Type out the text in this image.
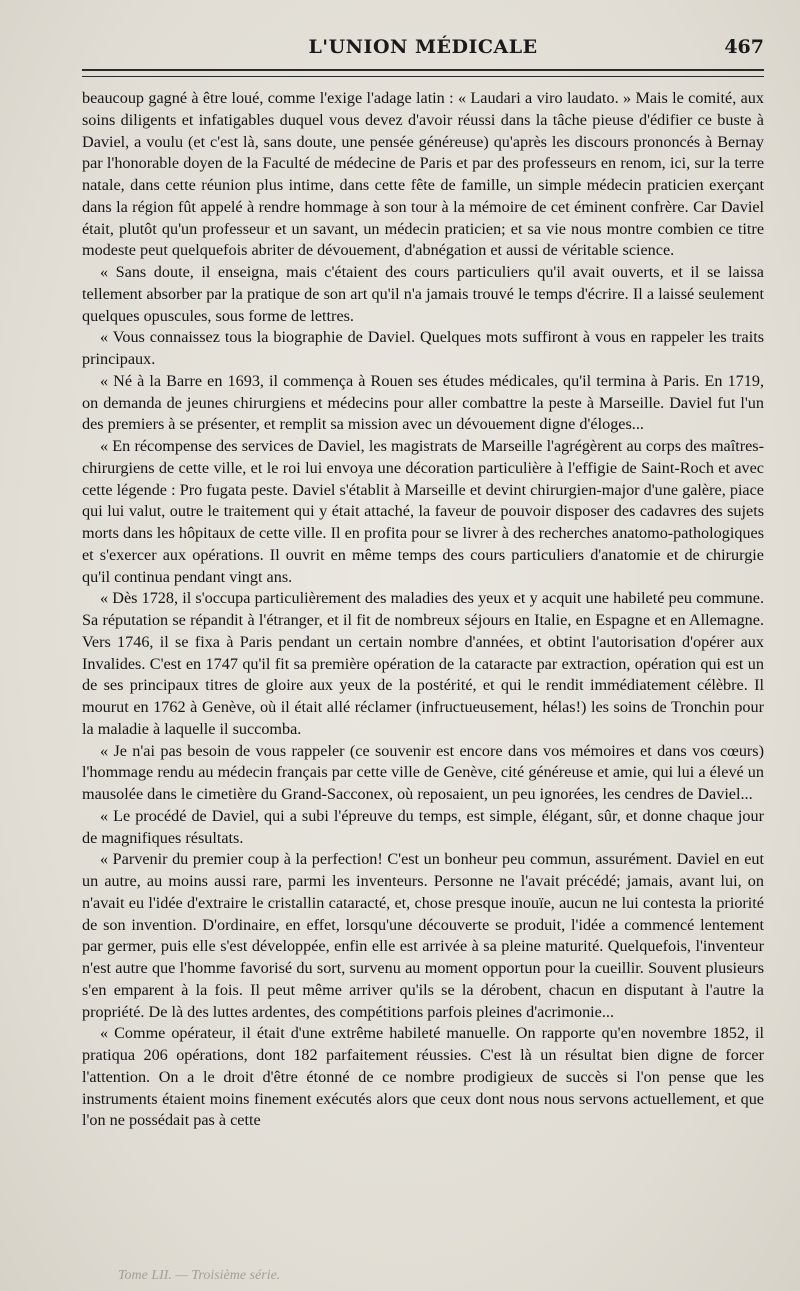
L'UNION MÉDICALE	467

beaucoup gagné à être loué, comme l'exige l'adage latin : « Laudari a viro laudato. » Mais le comité, aux soins diligents et infatigables duquel vous devez d'avoir réussi dans la tâche pieuse d'édifier ce buste à Daviel, a voulu (et c'est là, sans doute, une pensée généreuse) qu'après les discours prononcés à Bernay par l'honorable doyen de la Faculté de médecine de Paris et par des professeurs en renom, ici, sur la terre natale, dans cette réunion plus intime, dans cette fête de famille, un simple médecin praticien exerçant dans la région fût appelé à rendre hommage à son tour à la mémoire de cet éminent confrère. Car Daviel était, plutôt qu'un professeur et un savant, un médecin praticien; et sa vie nous montre combien ce titre modeste peut quelquefois abriter de dévouement, d'abnégation et aussi de véritable science.

« Sans doute, il enseigna, mais c'étaient des cours particuliers qu'il avait ouverts, et il se laissa tellement absorber par la pratique de son art qu'il n'a jamais trouvé le temps d'écrire. Il a laissé seulement quelques opuscules, sous forme de lettres.

« Vous connaissez tous la biographie de Daviel. Quelques mots suffiront à vous en rappeler les traits principaux.

« Né à la Barre en 1693, il commença à Rouen ses études médicales, qu'il termina à Paris. En 1719, on demanda de jeunes chirurgiens et médecins pour aller combattre la peste à Marseille. Daviel fut l'un des premiers à se présenter, et remplit sa mission avec un dévouement digne d'éloges...

« En récompense des services de Daviel, les magistrats de Marseille l'agrégèrent au corps des maîtres-chirurgiens de cette ville, et le roi lui envoya une décoration particulière à l'effigie de Saint-Roch et avec cette légende : Pro fugata peste. Daviel s'établit à Marseille et devint chirurgien-major d'une galère, piace qui lui valut, outre le traitement qui y était attaché, la faveur de pouvoir disposer des cadavres des sujets morts dans les hôpitaux de cette ville. Il en profita pour se livrer à des recherches anatomo-pathologiques et s'exercer aux opérations. Il ouvrit en même temps des cours particuliers d'anatomie et de chirurgie qu'il continua pendant vingt ans.

« Dès 1728, il s'occupa particulièrement des maladies des yeux et y acquit une habileté peu commune. Sa réputation se répandit à l'étranger, et il fit de nombreux séjours en Italie, en Espagne et en Allemagne. Vers 1746, il se fixa à Paris pendant un certain nombre d'années, et obtint l'autorisation d'opérer aux Invalides. C'est en 1747 qu'il fit sa première opération de la cataracte par extraction, opération qui est un de ses principaux titres de gloire aux yeux de la postérité, et qui le rendit immédiatement célèbre. Il mourut en 1762 à Genève, où il était allé réclamer (infructueusement, hélas!) les soins de Tronchin pour la maladie à laquelle il succomba.

« Je n'ai pas besoin de vous rappeler (ce souvenir est encore dans vos mémoires et dans vos cœurs) l'hommage rendu au médecin français par cette ville de Genève, cité généreuse et amie, qui lui a élevé un mausolée dans le cimetière du Grand-Sacconex, où reposaient, un peu ignorées, les cendres de Daviel...

« Le procédé de Daviel, qui a subi l'épreuve du temps, est simple, élégant, sûr, et donne chaque jour de magnifiques résultats.

« Parvenir du premier coup à la perfection! C'est un bonheur peu commun, assurément. Daviel en eut un autre, au moins aussi rare, parmi les inventeurs. Personne ne l'avait précédé; jamais, avant lui, on n'avait eu l'idée d'extraire le cristallin cataracté, et, chose presque inouïe, aucun ne lui contesta la priorité de son invention. D'ordinaire, en effet, lorsqu'une découverte se produit, l'idée a commencé lentement par germer, puis elle s'est développée, enfin elle est arrivée à sa pleine maturité. Quelquefois, l'inventeur n'est autre que l'homme favorisé du sort, survenu au moment opportun pour la cueillir. Souvent plusieurs s'en emparent à la fois. Il peut même arriver qu'ils se la dérobent, chacun en disputant à l'autre la propriété. De là des luttes ardentes, des compétitions parfois pleines d'acrimonie...

« Comme opérateur, il était d'une extrême habileté manuelle. On rapporte qu'en novembre 1852, il pratiqua 206 opérations, dont 182 parfaitement réussies. C'est là un résultat bien digne de forcer l'attention. On a le droit d'être étonné de ce nombre prodigieux de succès si l'on pense que les instruments étaient moins finement exécutés alors que ceux dont nous nous servons actuellement, et que l'on ne possédait pas à cette

Tome LII. — Troisième série.
